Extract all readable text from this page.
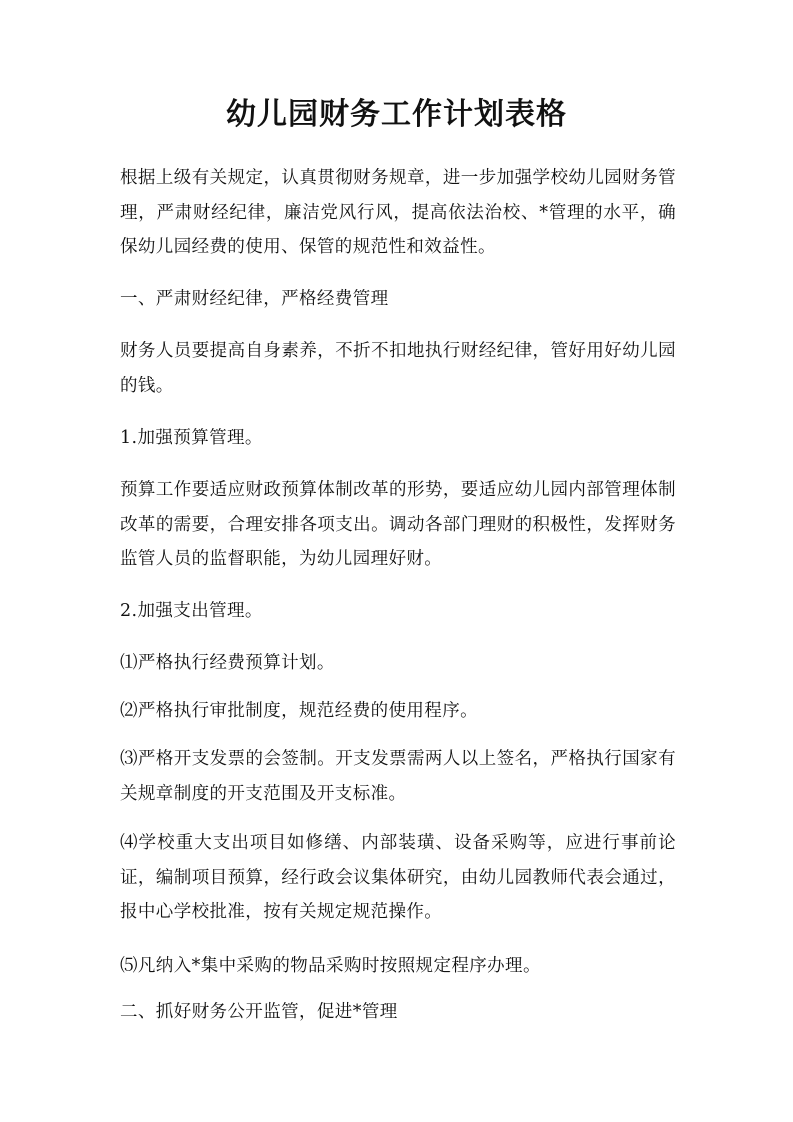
幼儿园财务工作计划表格
根据上级有关规定，认真贯彻财务规章，进一步加强学校幼儿园财务管理，严肃财经纪律，廉洁党风行风，提高依法治校、*管理的水平，确保幼儿园经费的使用、保管的规范性和效益性。
一、严肃财经纪律，严格经费管理
财务人员要提高自身素养，不折不扣地执行财经纪律，管好用好幼儿园的钱。
1.加强预算管理。
预算工作要适应财政预算体制改革的形势，要适应幼儿园内部管理体制改革的需要，合理安排各项支出。调动各部门理财的积极性，发挥财务监管人员的监督职能，为幼儿园理好财。
2.加强支出管理。
⑴严格执行经费预算计划。
⑵严格执行审批制度，规范经费的使用程序。
⑶严格开支发票的会签制。开支发票需两人以上签名，严格执行国家有关规章制度的开支范围及开支标准。
⑷学校重大支出项目如修缮、内部装璜、设备采购等，应进行事前论证，编制项目预算，经行政会议集体研究，由幼儿园教师代表会通过，报中心学校批准，按有关规定规范操作。
⑸凡纳入*集中采购的物品采购时按照规定程序办理。
二、抓好财务公开监管，促进*管理
